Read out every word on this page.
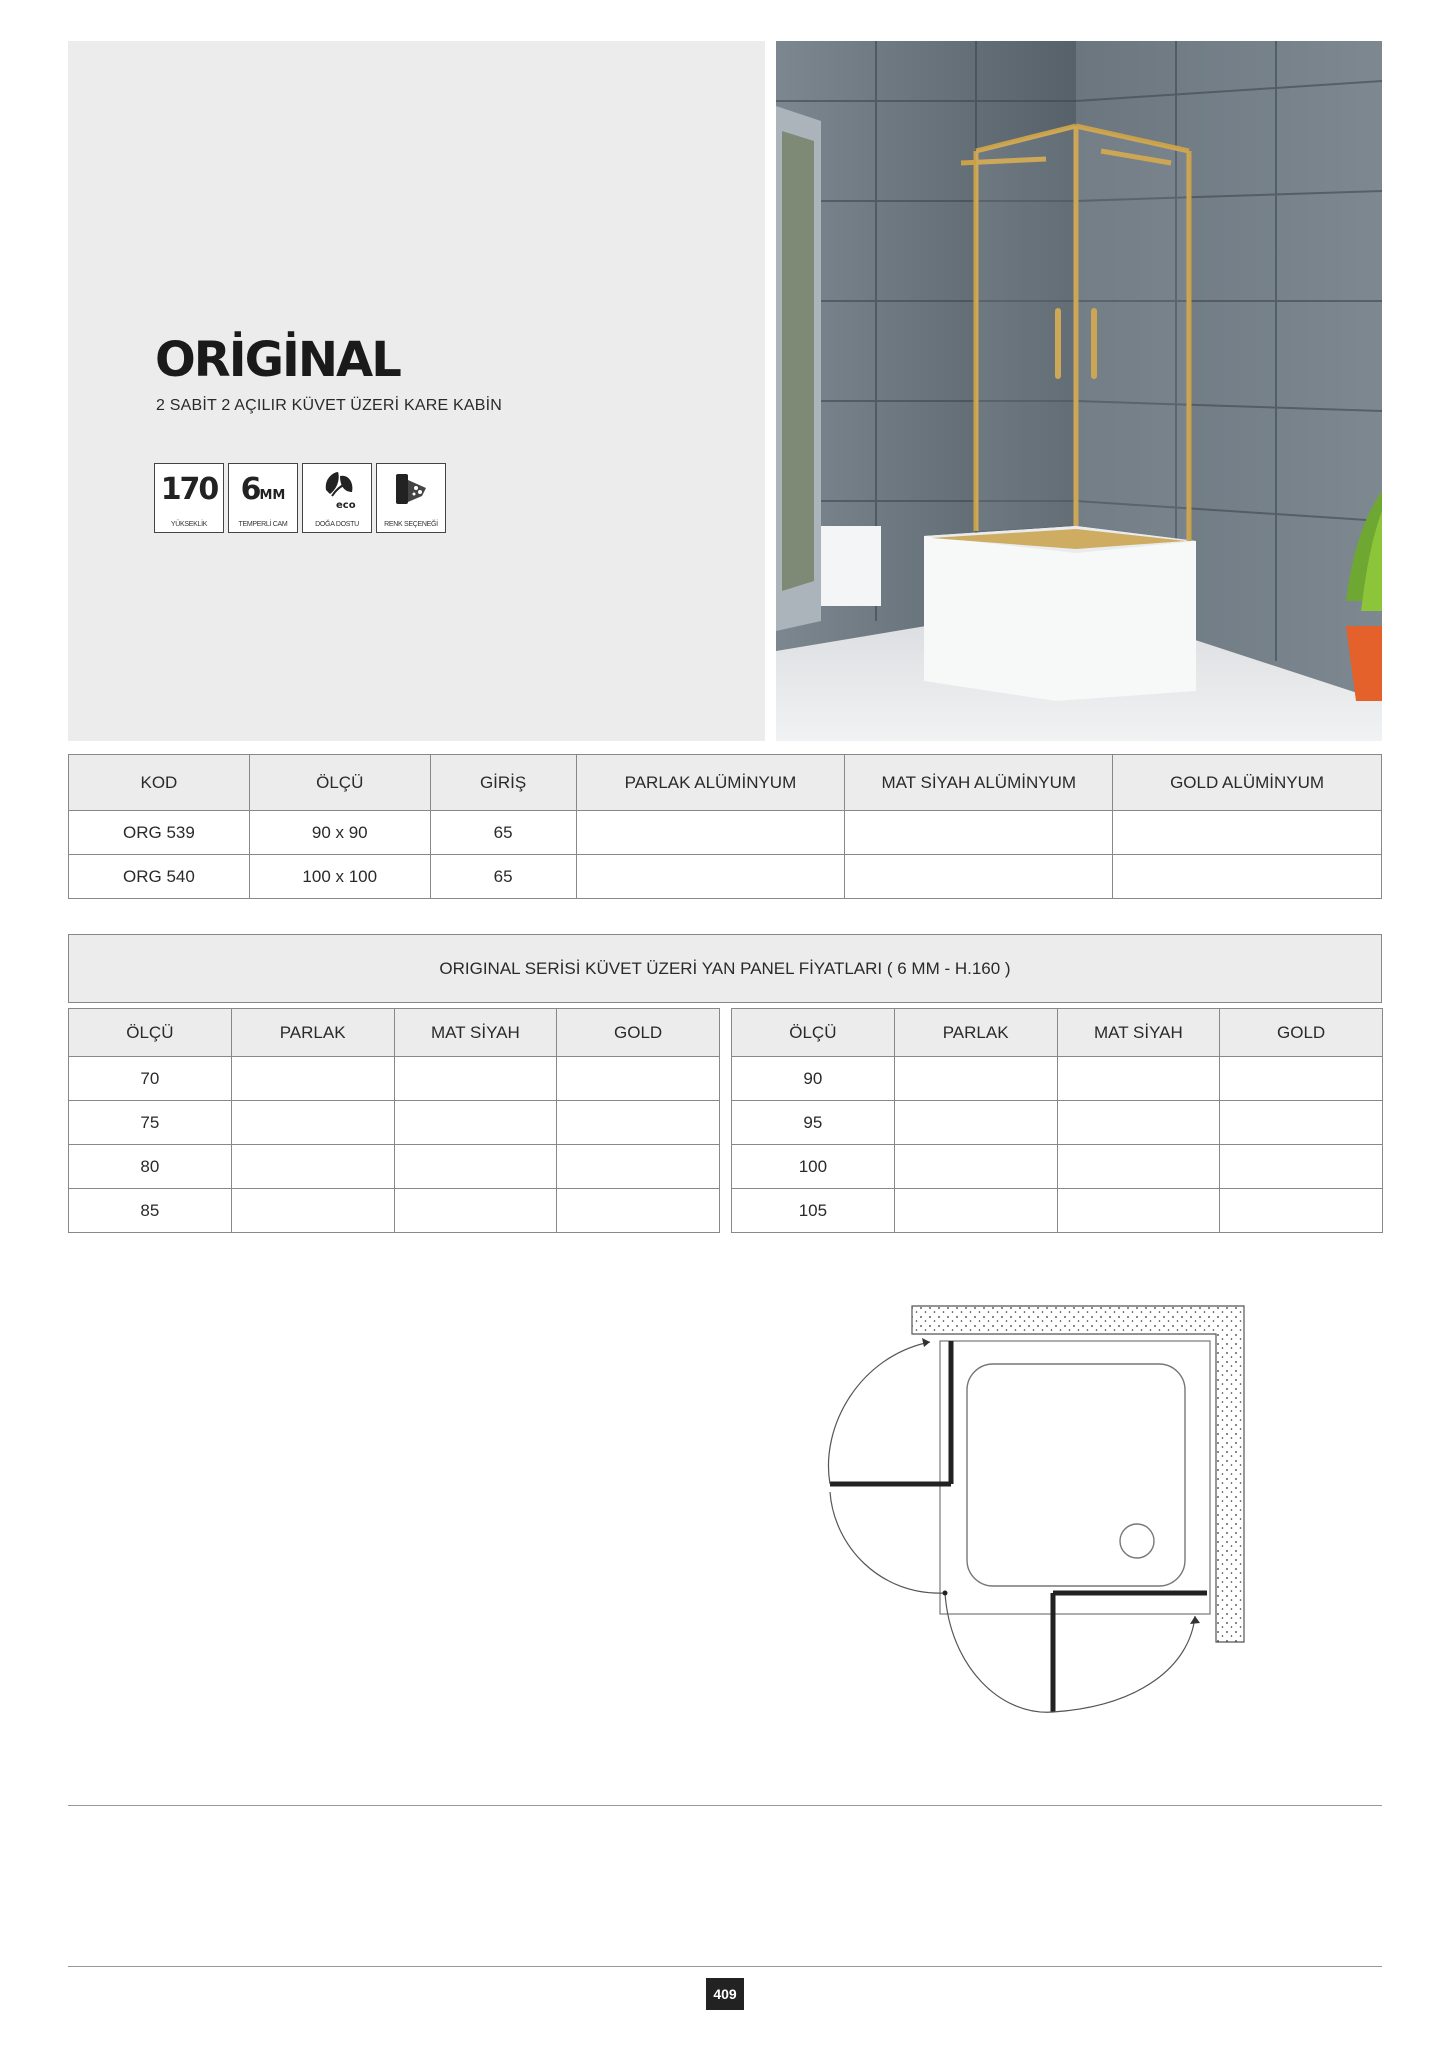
ORİGİNAL
2 SABİT 2 AÇILIR KÜVET ÜZERİ KARE KABİN
170
YÜKSEKLİK
6MM
TEMPERLİ CAM
eco
DOĞA DOSTU	RENK SEÇENEĞİ
KOD	ÖLÇÜ	GİRİŞ	PARLAK ALÜMİNYUM	MAT SİYAH ALÜMİNYUM	GOLD ALÜMİNYUM
ORG 539	90 x 90	65			
ORG 540	100 x 100	65			
ORIGINAL SERİSİ KÜVET ÜZERİ YAN PANEL FİYATLARI ( 6 MM - H.160 )
ÖLÇÜ	PARLAK	MAT SİYAH	GOLD
70			
75			
80			
85			
ÖLÇÜ	PARLAK	MAT SİYAH	GOLD
90			
95			
100			
105			
409
